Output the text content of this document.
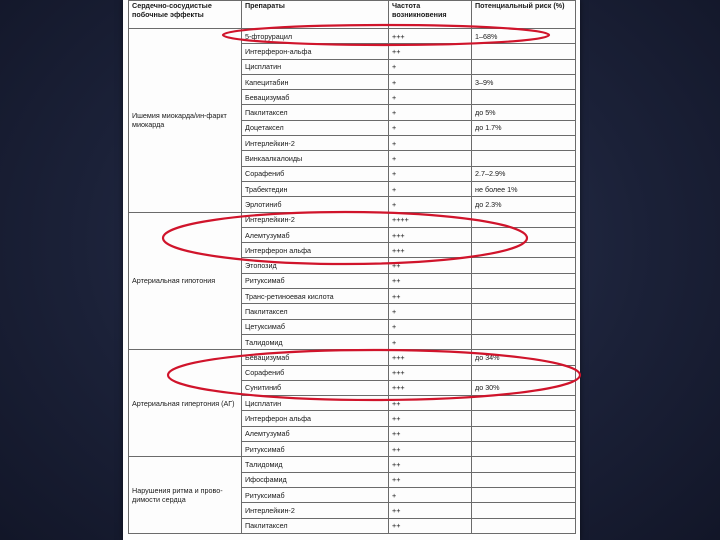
Сердечно-сосудистые побочные эффекты	Препараты	Частота возникновения	Потенциальный риск (%)
Ишемия миокарда/ин-фаркт миокарда	5-фторурацил	+++	1–68%
	Интерферон-альфа	++	
	Цисплатин	+	
	Капецитабин	+	3–9%
	Бевацизумаб	+	
	Паклитаксел	+	до 5%
	Доцетаксел	+	до 1.7%
	Интерлейкин-2	+	
	Винкаалкалоиды	+	
	Сорафениб	+	2.7–2.9%
	Трабектедин	+	не более 1%
	Эрлотиниб	+	до 2.3%
Артериальная гипотония	Интерлейкин-2	++++	
	Алемтузумаб	+++	
	Интерферон альфа	+++	
	Этопозид	++	
	Ритуксимаб	++	
	Транс-ретиноевая кислота	++	
	Паклитаксел	+	
	Цетуксимаб	+	
	Талидомид	+	
Артериальная гипертония (АГ)	Бевацизумаб	+++	до 34%
	Сорафениб	+++	
	Сунитиниб	+++	до 30%
	Цисплатин	++	
	Интерферон альфа	++	
	Алемтузумаб	++	
	Ритуксимаб	++	
Нарушения ритма и прово-димости сердца	Талидомид	++	
	Ифосфамид	++	
	Ритуксимаб	+	
	Интерлейкин-2	++	
	Паклитаксел	++	
